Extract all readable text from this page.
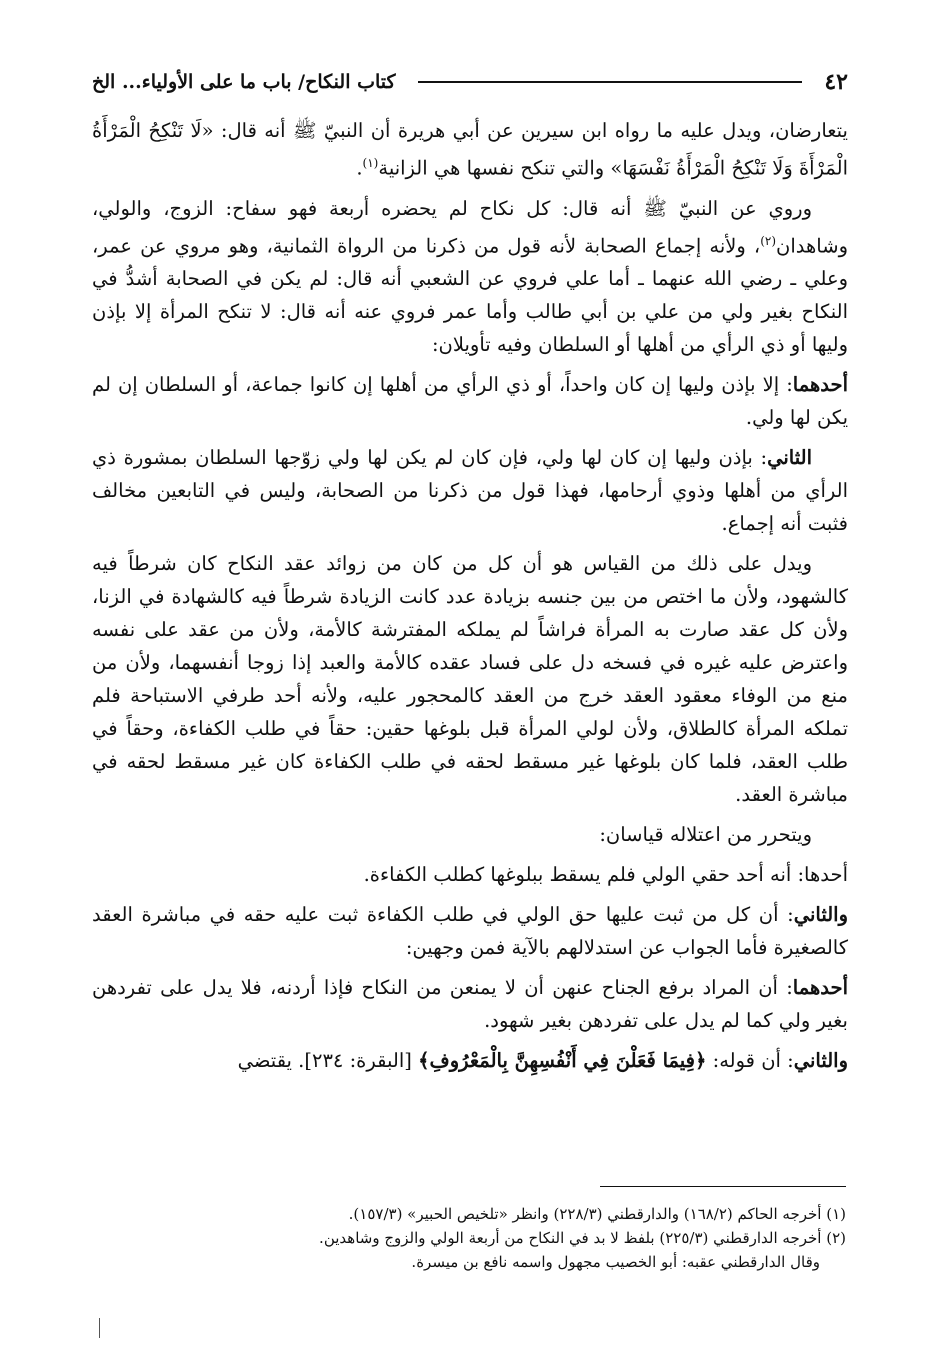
٤٢
كتاب النكاح/ باب ما على الأولياء... الخ

يتعارضان، ويدل عليه ما رواه ابن سيرين عن أبي هريرة أن النبيّ ﷺ أنه قال: «لَا تَنْكِحُ الْمَرْأَةُ الْمَرْأَةَ وَلَا تَنْكِحُ الْمَرْأَةُ نَفْسَهَا» والتي تنكح نفسها هي الزانية$^{(١)}$.

وروي عن النبيّ ﷺ أنه قال: كل نكاح لم يحضره أربعة فهو سفاح: الزوج، والولي، وشاهدان$^{(٢)}$، ولأنه إجماع الصحابة لأنه قول من ذكرنا من الرواة الثمانية، وهو مروي عن عمر، وعلي ـ رضي الله عنهما ـ أما علي فروي عن الشعبي أنه قال: لم يكن في الصحابة أشدُّ في النكاح بغير ولي من علي بن أبي طالب وأما عمر فروي عنه أنه قال: لا تنكح المرأة إلا بإذن وليها أو ذي الرأي من أهلها أو السلطان وفيه تأويلان:

أحدهما: إلا بإذن وليها إن كان واحداً، أو ذي الرأي من أهلها إن كانوا جماعة، أو السلطان إن لم يكن لها ولي.

الثاني: بإذن وليها إن كان لها ولي، فإن كان لم يكن لها ولي زوّجها السلطان بمشورة ذي الرأي من أهلها وذوي أرحامها، فهذا قول من ذكرنا من الصحابة، وليس في التابعين مخالف فثبت أنه إجماع.

ويدل على ذلك من القياس هو أن كل من كان من زوائد عقد النكاح كان شرطاً فيه كالشهود، ولأن ما اختص من بين جنسه بزيادة عدد كانت الزيادة شرطاً فيه كالشهادة في الزنا، ولأن كل عقد صارت به المرأة فراشاً لم يملكه المفترشة كالأمة، ولأن من عقد على نفسه واعترض عليه غيره في فسخه دل على فساد عقده كالأمة والعبد إذا زوجا أنفسهما، ولأن من منع من الوفاء معقود العقد خرج من العقد كالمحجور عليه، ولأنه أحد طرفي الاستباحة فلم تملكه المرأة كالطلاق، ولأن لولي المرأة قبل بلوغها حقين: حقاً في طلب الكفاءة، وحقاً في طلب العقد، فلما كان بلوغها غير مسقط لحقه في طلب الكفاءة كان غير مسقط لحقه في مباشرة العقد.

ويتحرر من اعتلاله قياسان:

أحدها: أنه أحد حقي الولي فلم يسقط ببلوغها كطلب الكفاءة.

والثاني: أن كل من ثبت عليها حق الولي في طلب الكفاءة ثبت عليه حقه في مباشرة العقد كالصغيرة فأما الجواب عن استدلالهم بالآية فمن وجهين:

أحدهما: أن المراد برفع الجناح عنهن أن لا يمنعن من النكاح فإذا أردنه، فلا يدل على تفردهن بغير ولي كما لم يدل على تفردهن بغير شهود.

والثاني: أن قوله: ﴿فِيمَا فَعَلْنَ فِي أَنْفُسِهِنَّ بِالْمَعْرُوفِ﴾ [البقرة: ٢٣٤]. يقتضي

(١) أخرجه الحاكم (١٦٨/٢) والدارقطني (٢٢٨/٣) وانظر «تلخيص الحبير» (١٥٧/٣).

(٢) أخرجه الدارقطني (٢٢٥/٣) بلفظ لا بد في النكاح من أربعة الولي والزوج وشاهدين.

وقال الدارقطني عقبه: أبو الخصيب مجهول واسمه نافع بن ميسرة.
